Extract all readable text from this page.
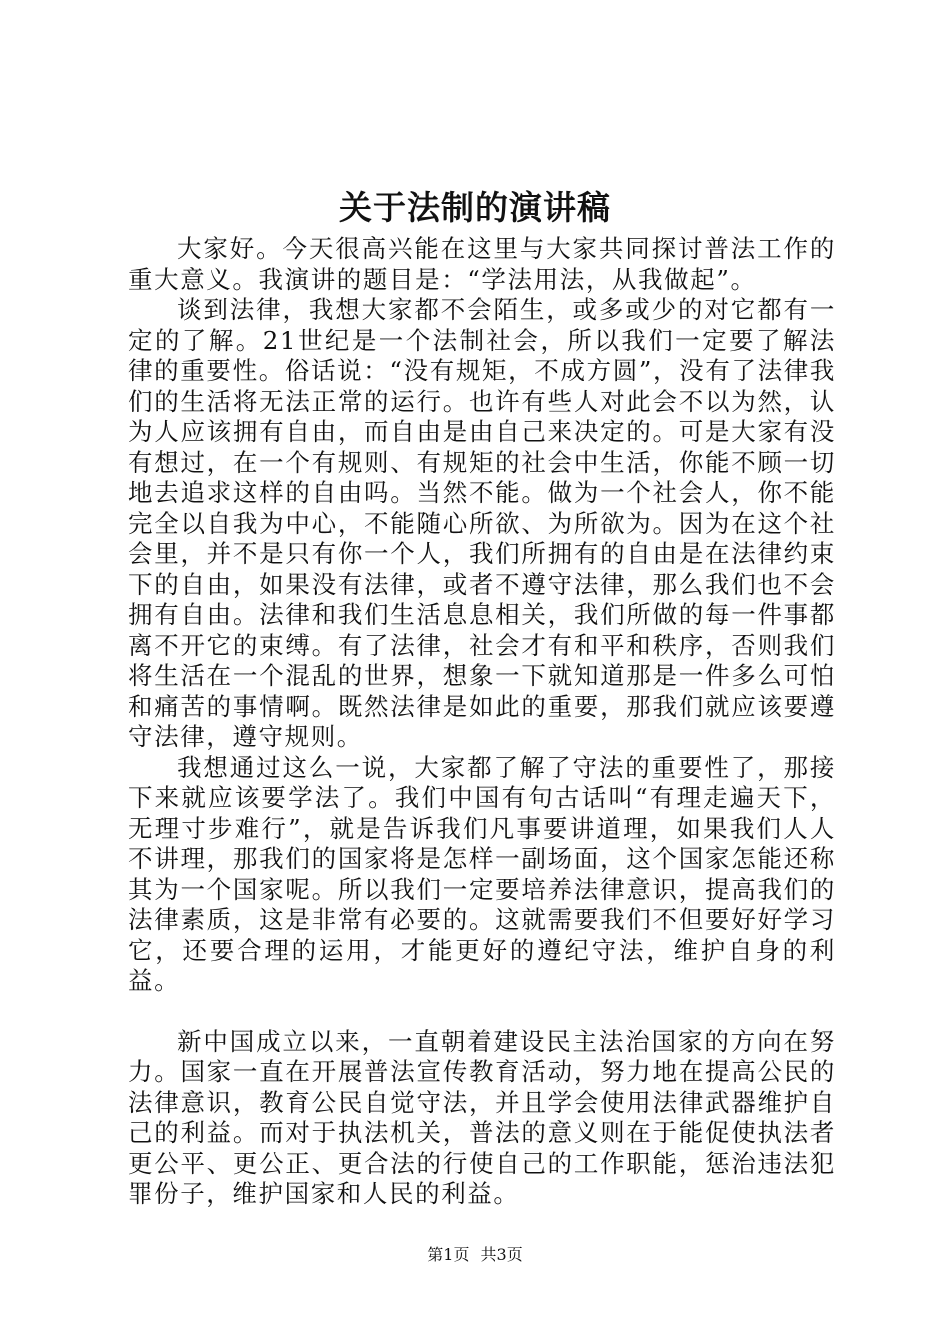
关于法制的演讲稿

大家好。今天很高兴能在这里与大家共同探讨普法工作的重大意义。我演讲的题目是：“学法用法，从我做起”。

谈到法律，我想大家都不会陌生，或多或少的对它都有一定的了解。21世纪是一个法制社会，所以我们一定要了解法律的重要性。俗话说：“没有规矩，不成方圆”，没有了法律我们的生活将无法正常的运行。也许有些人对此会不以为然，认为人应该拥有自由，而自由是由自己来决定的。可是大家有没有想过，在一个有规则、有规矩的社会中生活，你能不顾一切地去追求这样的自由吗。当然不能。做为一个社会人，你不能完全以自我为中心，不能随心所欲、为所欲为。因为在这个社会里，并不是只有你一个人，我们所拥有的自由是在法律约束下的自由，如果没有法律，或者不遵守法律，那么我们也不会拥有自由。法律和我们生活息息相关，我们所做的每一件事都离不开它的束缚。有了法律，社会才有和平和秩序，否则我们将生活在一个混乱的世界，想象一下就知道那是一件多么可怕和痛苦的事情啊。既然法律是如此的重要，那我们就应该要遵守法律，遵守规则。

我想通过这么一说，大家都了解了守法的重要性了，那接下来就应该要学法了。我们中国有句古话叫“有理走遍天下，无理寸步难行”，就是告诉我们凡事要讲道理，如果我们人人不讲理，那我们的国家将是怎样一副场面，这个国家怎能还称其为一个国家呢。所以我们一定要培养法律意识，提高我们的法律素质，这是非常有必要的。这就需要我们不但要好好学习它，还要合理的运用，才能更好的遵纪守法，维护自身的利益。

新中国成立以来，一直朝着建设民主法治国家的方向在努力。国家一直在开展普法宣传教育活动，努力地在提高公民的法律意识，教育公民自觉守法，并且学会使用法律武器维护自己的利益。而对于执法机关，普法的意义则在于能促使执法者更公平、更公正、更合法的行使自己的工作职能，惩治违法犯罪份子，维护国家和人民的利益。

第1页 共3页
